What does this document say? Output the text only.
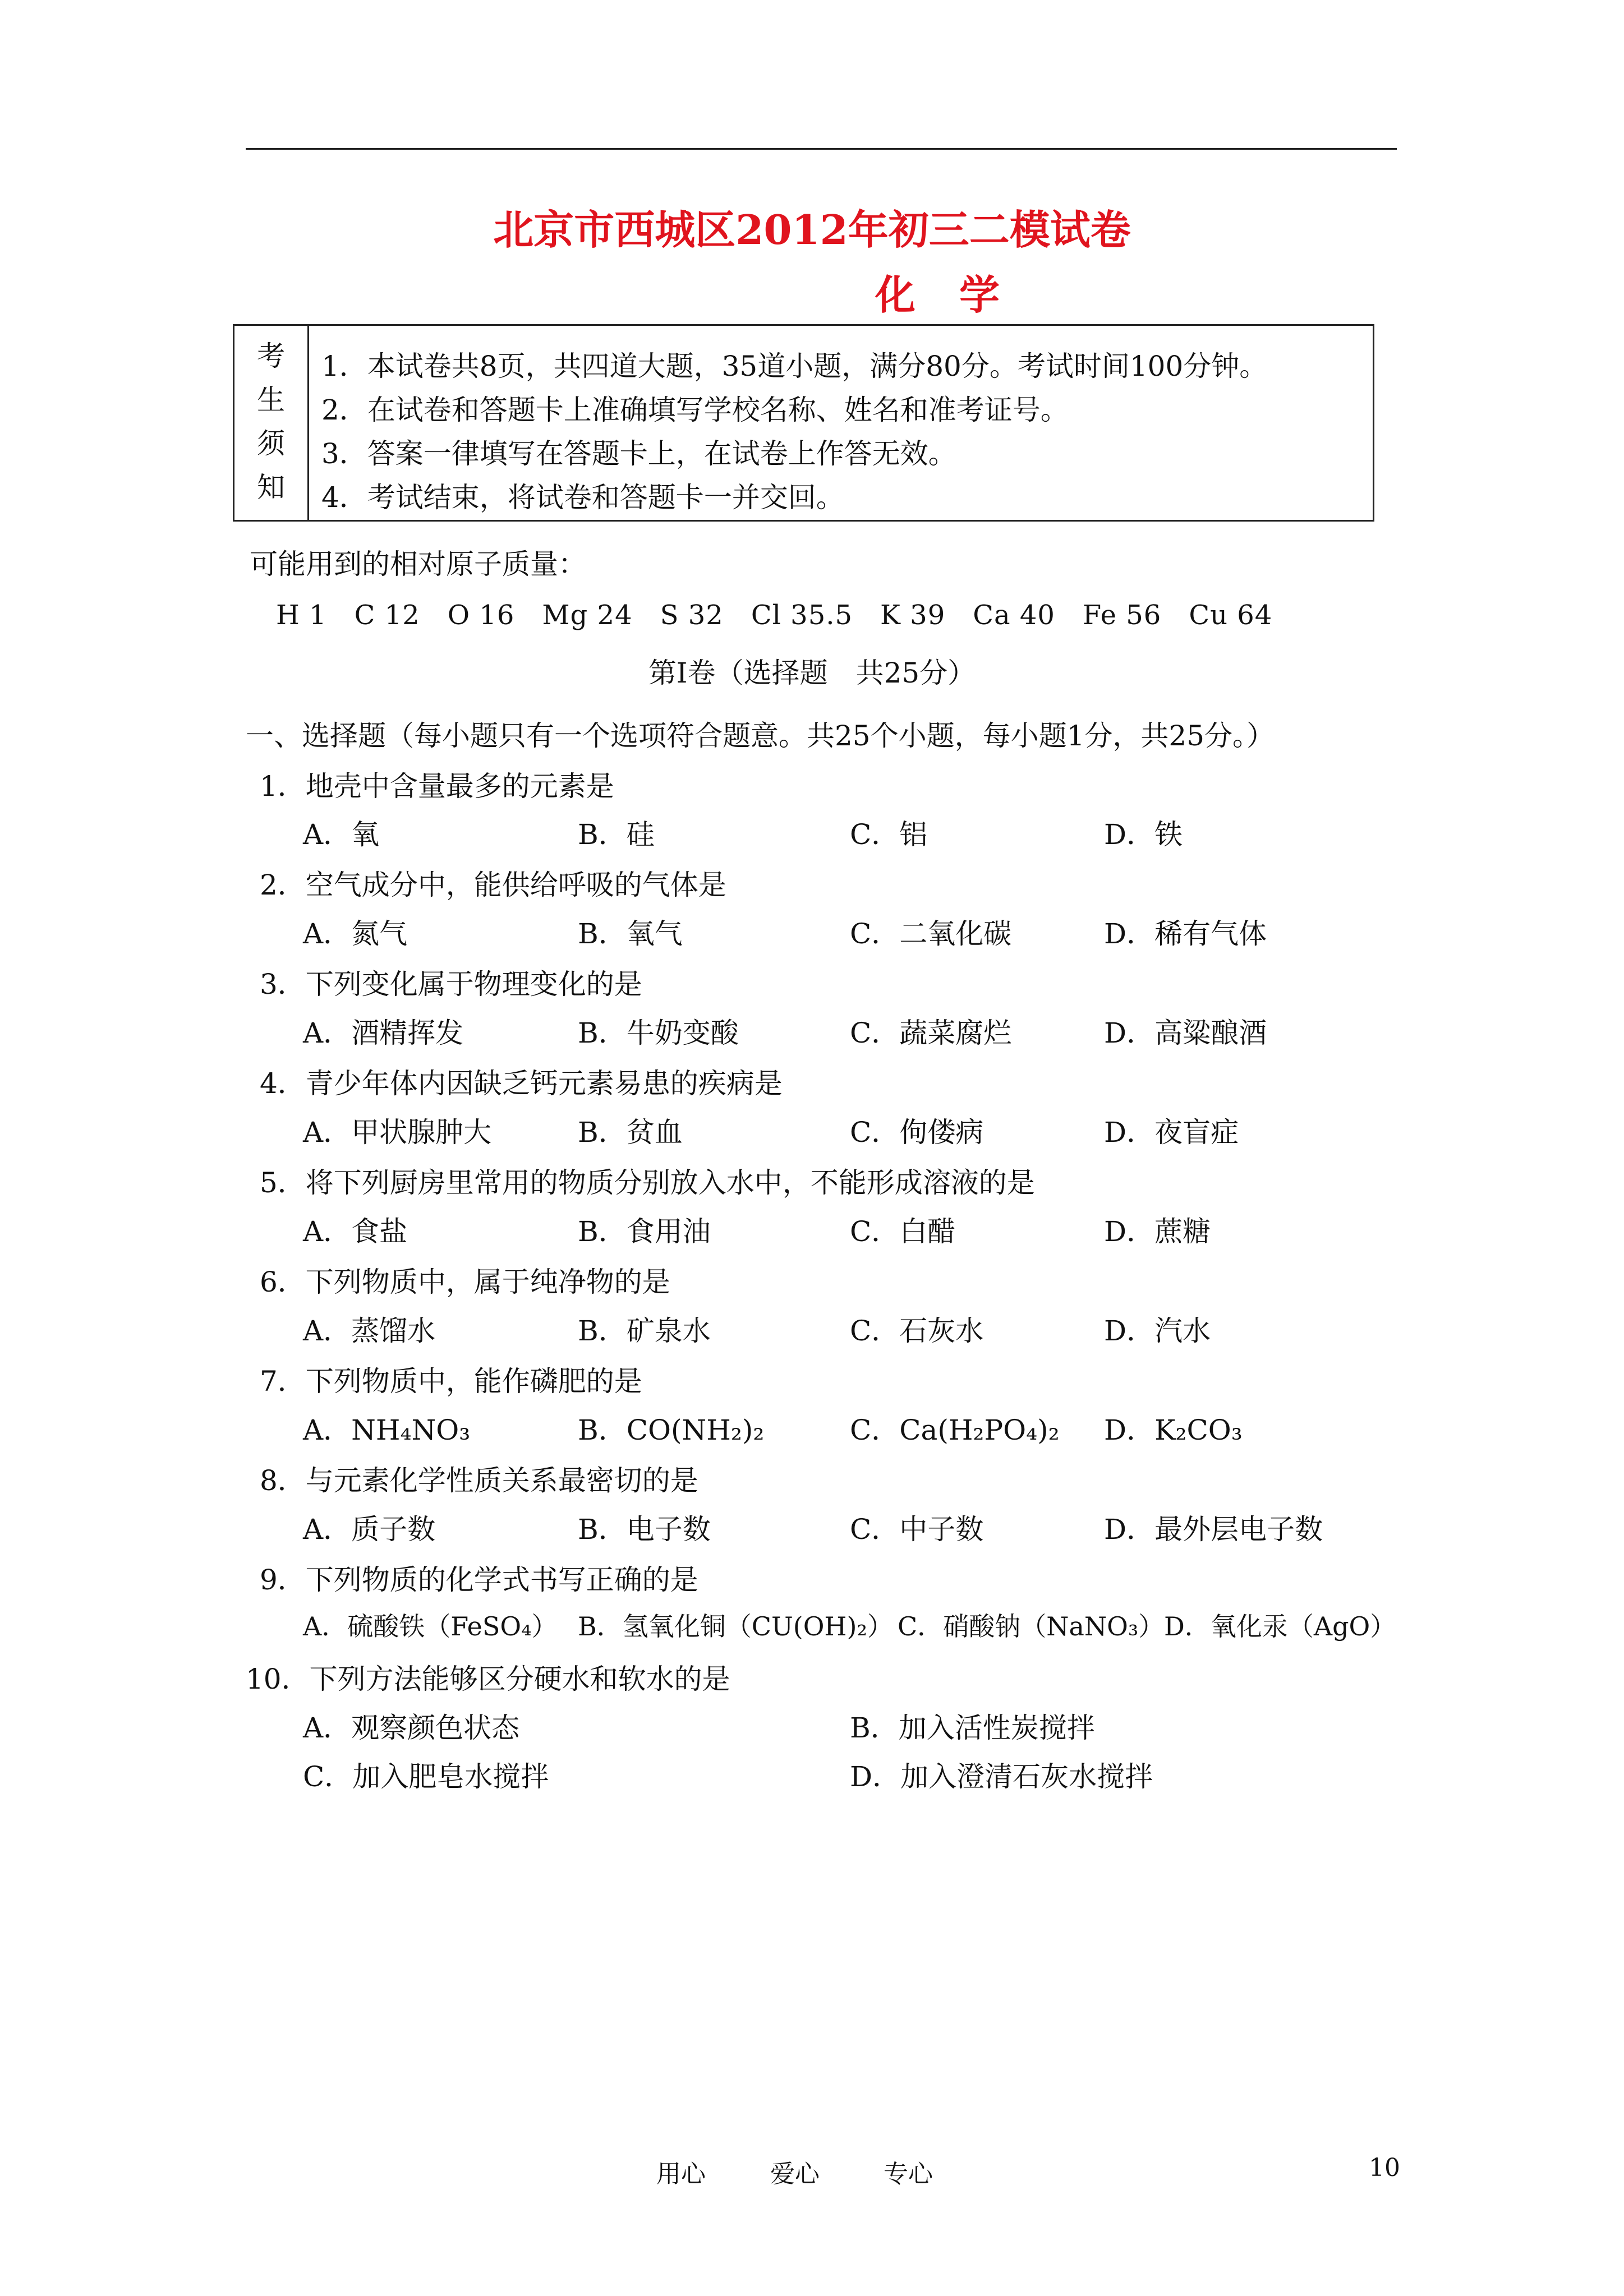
北京市西城区2012年初三二模试卷
化学
考
生
须
知
1．本试卷共8页，共四道大题，35道小题，满分80分。考试时间100分钟。
2．在试卷和答题卡上准确填写学校名称、姓名和准考证号。
3．答案一律填写在答题卡上，在试卷上作答无效。
4．考试结束，将试卷和答题卡一并交回。
可能用到的相对原子质量：
H 1　C 12　O 16　Mg 24　S 32　Cl 35.5　K 39　Ca 40　Fe 56　Cu 64
第Ⅰ卷（选择题　共25分）
一、选择题（每小题只有一个选项符合题意。共25个小题，每小题1分，共25分。）
1．地壳中含量最多的元素是
A．氧	B．硅	C．铝	D．铁
2．空气成分中，能供给呼吸的气体是
A．氮气	B．氧气	C．二氧化碳	D．稀有气体
3．下列变化属于物理变化的是
A．酒精挥发	B．牛奶变酸	C．蔬菜腐烂	D．高粱酿酒
4．青少年体内因缺乏钙元素易患的疾病是
A．甲状腺肿大	B．贫血	C．佝偻病	D．夜盲症
5．将下列厨房里常用的物质分别放入水中，不能形成溶液的是
A．食盐	B．食用油	C．白醋	D．蔗糖
6．下列物质中，属于纯净物的是
A．蒸馏水	B．矿泉水	C．石灰水	D．汽水
7．下列物质中，能作磷肥的是
A．NH₄NO₃	B．CO(NH₂)₂	C．Ca(H₂PO₄)₂ D．K₂CO₃
8．与元素化学性质关系最密切的是
A．质子数	B．电子数	C．中子数	D．最外层电子数
9．下列物质的化学式书写正确的是
A．硫酸铁（FeSO₄） B．氢氧化铜（CU(OH)₂） C．硝酸钠（NaNO₃） D．氧化汞（AgO）
10．下列方法能够区分硬水和软水的是
A．观察颜色状态	B．加入活性炭搅拌
C．加入肥皂水搅拌	D．加入澄清石灰水搅拌
用心	爱心	专心	10
